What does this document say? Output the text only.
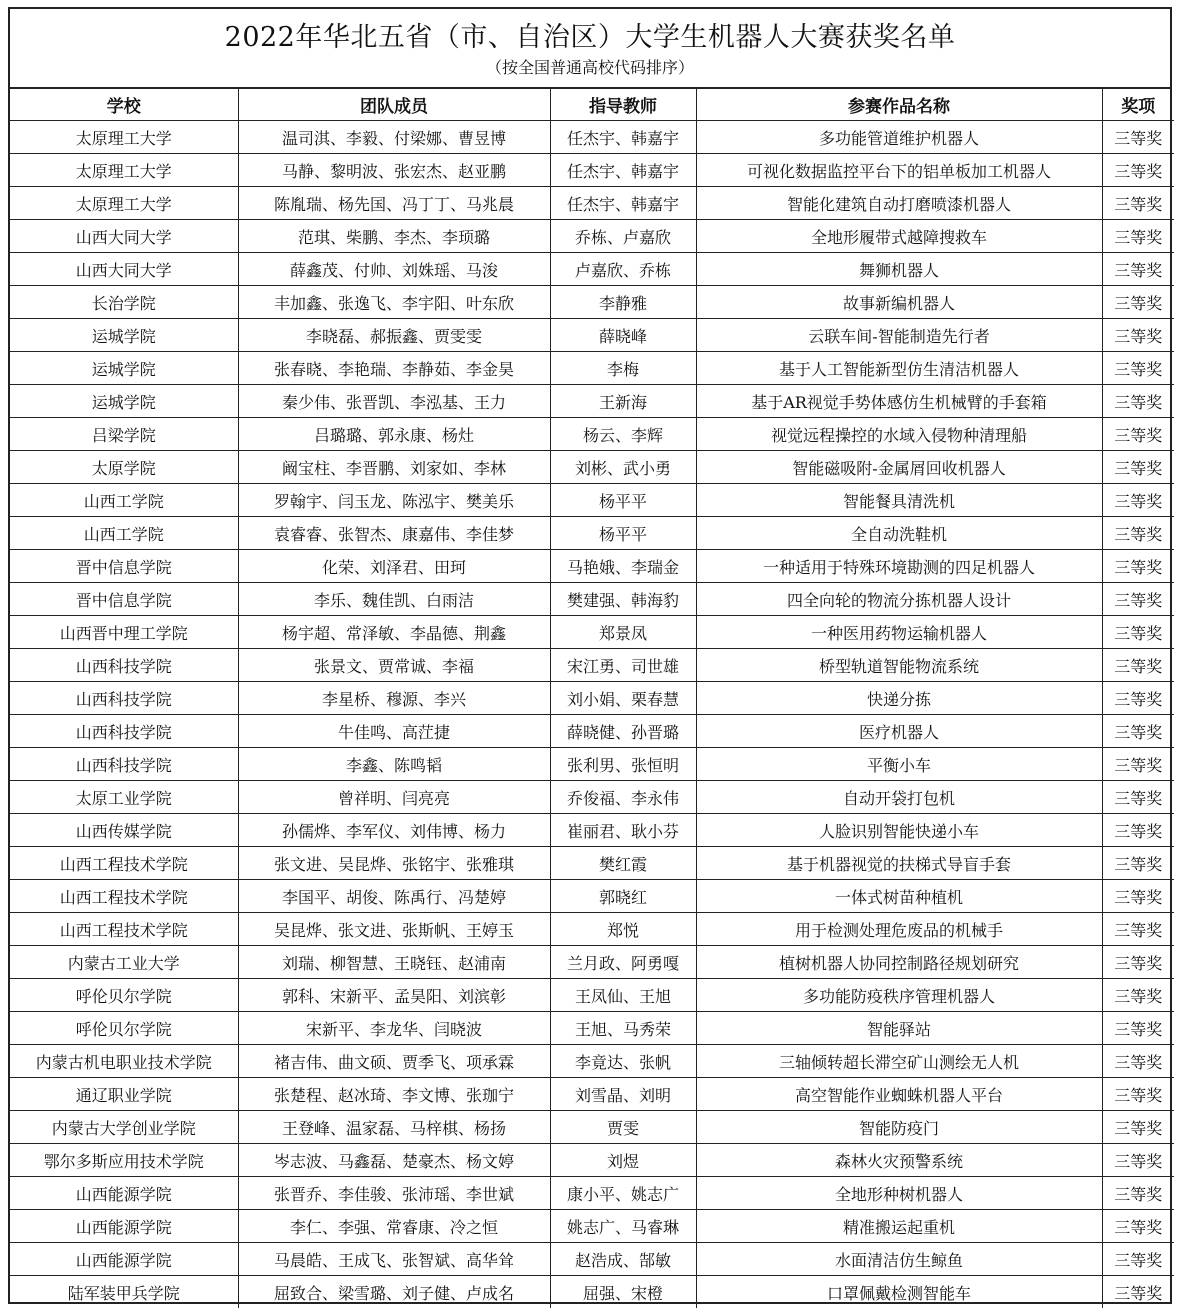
2022年华北五省（市、自治区）大学生机器人大赛获奖名单
（按全国普通高校代码排序）
学校	团队成员	指导教师	参赛作品名称	奖项
太原理工大学	温司淇、李毅、付梁娜、曹昱博	任杰宇、韩嘉宇	多功能管道维护机器人	三等奖
太原理工大学	马静、黎明波、张宏杰、赵亚鹏	任杰宇、韩嘉宇	可视化数据监控平台下的铝单板加工机器人	三等奖
太原理工大学	陈胤瑞、杨先国、冯丁丁、马兆晨	任杰宇、韩嘉宇	智能化建筑自动打磨喷漆机器人	三等奖
山西大同大学	范琪、柴鹏、李杰、李顼璐	乔栋、卢嘉欣	全地形履带式越障搜救车	三等奖
山西大同大学	薛鑫茂、付帅、刘姝瑶、马浚	卢嘉欣、乔栋	舞狮机器人	三等奖
长治学院	丰加鑫、张逸飞、李宇阳、叶东欣	李静雅	故事新编机器人	三等奖
运城学院	李晓磊、郝振鑫、贾雯雯	薛晓峰	云联车间-智能制造先行者	三等奖
运城学院	张春晓、李艳瑞、李静茹、李金昊	李梅	基于人工智能新型仿生清洁机器人	三等奖
运城学院	秦少伟、张晋凯、李泓基、王力	王新海	基于AR视觉手势体感仿生机械臂的手套箱	三等奖
吕梁学院	吕璐璐、郭永康、杨灶	杨云、李辉	视觉远程操控的水域入侵物种清理船	三等奖
太原学院	阚宝柱、李晋鹏、刘家如、李林	刘彬、武小勇	智能磁吸附-金属屑回收机器人	三等奖
山西工学院	罗翰宇、闫玉龙、陈泓宇、樊美乐	杨平平	智能餐具清洗机	三等奖
山西工学院	袁睿睿、张智杰、康嘉伟、李佳梦	杨平平	全自动洗鞋机	三等奖
晋中信息学院	化荣、刘泽君、田珂	马艳娥、李瑞金	一种适用于特殊环境勘测的四足机器人	三等奖
晋中信息学院	李乐、魏佳凯、白雨洁	樊建强、韩海豹	四全向轮的物流分拣机器人设计	三等奖
山西晋中理工学院	杨宇超、常泽敏、李晶德、荆鑫	郑景凤	一种医用药物运输机器人	三等奖
山西科技学院	张景文、贾常诚、李福	宋江勇、司世雄	桥型轨道智能物流系统	三等奖
山西科技学院	李星桥、穆源、李兴	刘小娟、栗春慧	快递分拣	三等奖
山西科技学院	牛佳鸣、高茳捷	薛晓健、孙晋璐	医疗机器人	三等奖
山西科技学院	李鑫、陈鸣韬	张利男、张恒明	平衡小车	三等奖
太原工业学院	曾祥明、闫亮亮	乔俊福、李永伟	自动开袋打包机	三等奖
山西传媒学院	孙儒烨、李军仪、刘伟博、杨力	崔丽君、耿小芬	人脸识别智能快递小车	三等奖
山西工程技术学院	张文进、吴昆烨、张铭宇、张雅琪	樊红霞	基于机器视觉的扶梯式导盲手套	三等奖
山西工程技术学院	李国平、胡俊、陈禹行、冯楚婷	郭晓红	一体式树苗种植机	三等奖
山西工程技术学院	吴昆烨、张文进、张斯帆、王婷玉	郑悦	用于检测处理危废品的机械手	三等奖
内蒙古工业大学	刘瑞、柳智慧、王晓钰、赵浦南	兰月政、阿勇嘎	植树机器人协同控制路径规划研究	三等奖
呼伦贝尔学院	郭科、宋新平、孟昊阳、刘滨彰	王凤仙、王旭	多功能防疫秩序管理机器人	三等奖
呼伦贝尔学院	宋新平、李龙华、闫晓波	王旭、马秀荣	智能驿站	三等奖
内蒙古机电职业技术学院	褚吉伟、曲文硕、贾季飞、项承霖	李竟达、张帆	三轴倾转超长滞空矿山测绘无人机	三等奖
通辽职业学院	张楚程、赵冰琦、李文博、张珈宁	刘雪晶、刘明	高空智能作业蜘蛛机器人平台	三等奖
内蒙古大学创业学院	王登峰、温家磊、马梓棋、杨扬	贾雯	智能防疫门	三等奖
鄂尔多斯应用技术学院	岑志波、马鑫磊、楚豪杰、杨文婷	刘煜	森林火灾预警系统	三等奖
山西能源学院	张晋乔、李佳骏、张沛瑶、李世斌	康小平、姚志广	全地形种树机器人	三等奖
山西能源学院	李仁、李强、常睿康、冷之恒	姚志广、马睿琳	精准搬运起重机	三等奖
山西能源学院	马晨皓、王成飞、张智斌、高华耸	赵浩成、郜敏	水面清洁仿生鲸鱼	三等奖
陆军装甲兵学院	屈致合、梁雪璐、刘子健、卢成名	屈强、宋橙	口罩佩戴检测智能车	三等奖
